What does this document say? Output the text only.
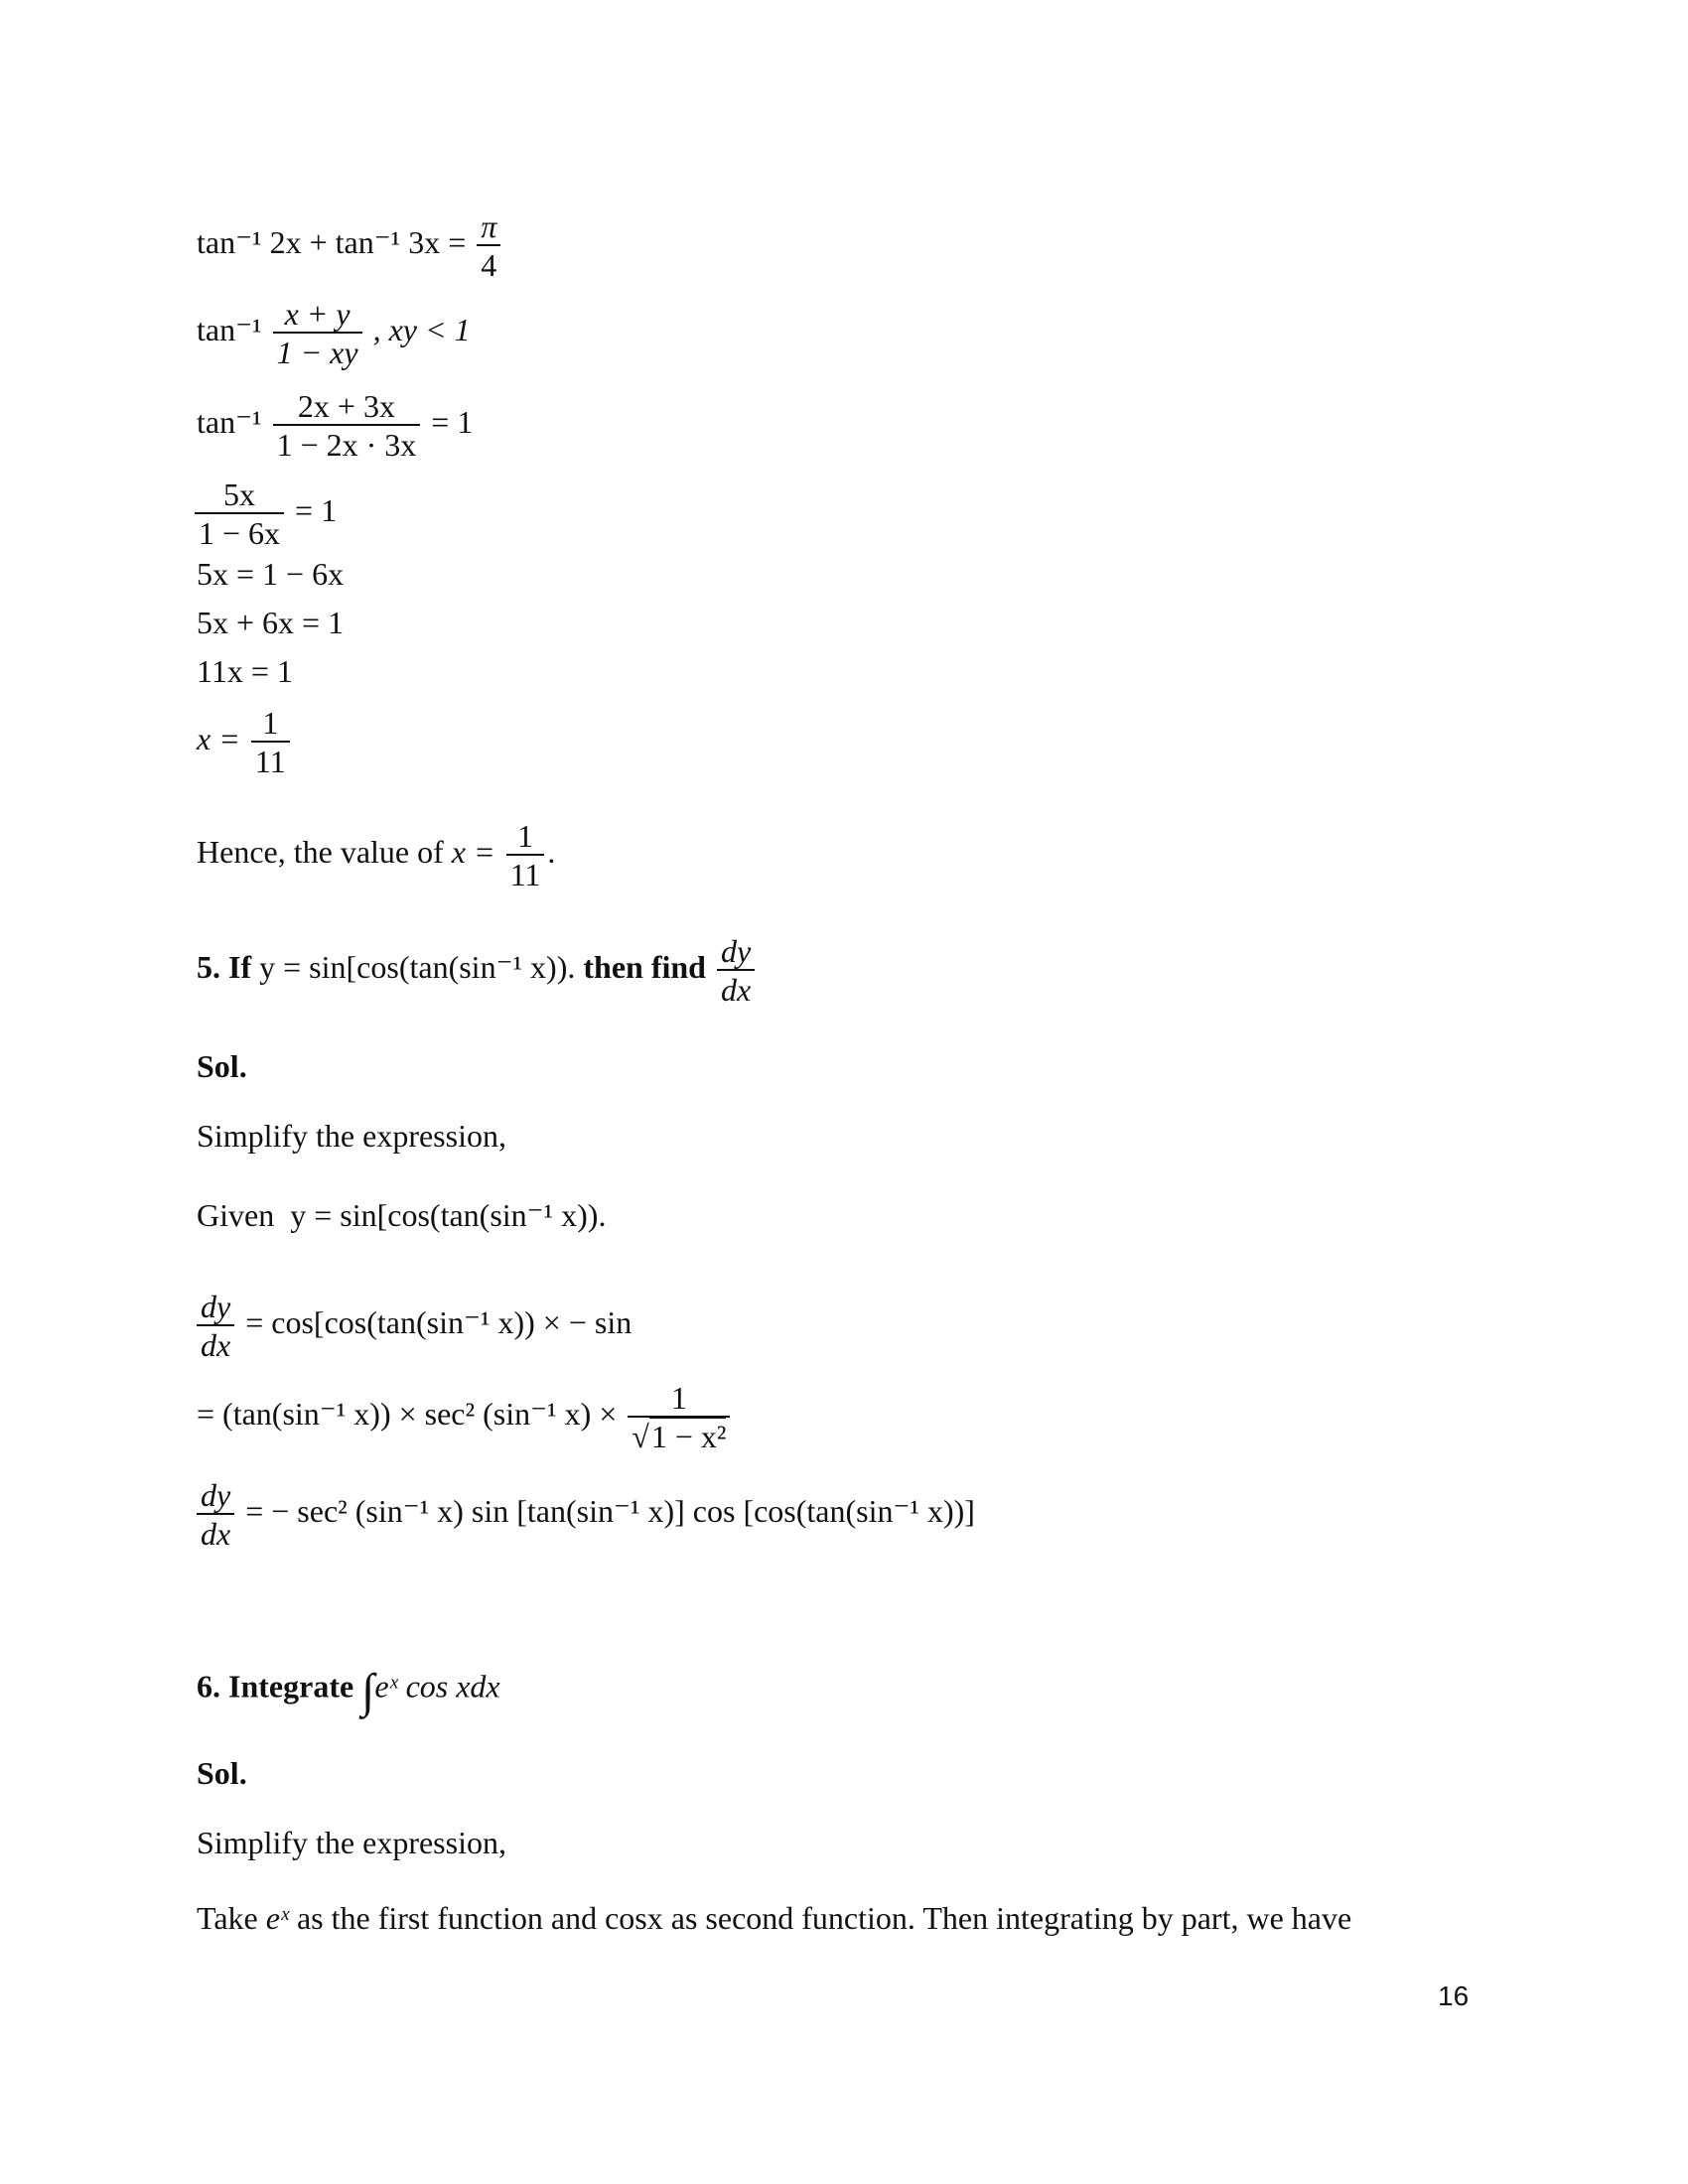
tan⁻¹ 2x + tan⁻¹ $3x = \frac{\pi}{4}$
$\tan^{-1} \frac{x + y}{1 - xy}$ , xy < 1
$\tan^{-1} \frac{2x + 3x}{1 - 2x \cdot 3x} = 1$
$\frac{5x}{1 - 6x} = 1$
5x = 1 − 6x
5x + 6x = 1
11x = 1
$x = \frac{1}{11}$
Hence, the value of $x = \frac{1}{11}$ .
5. If y = sin[cos(tan(sin⁻¹ x)). then find $\frac{dy}{dx}$
Sol.
Simplify the expression,
Given y = sin[cos(tan(sin⁻¹ x)).
$\frac{dy}{dx} = \cos[\cos(\tan(\sin^{-1}$ x)) × − sin
= (tan(sin⁻¹ x)) × sec² (sin⁻¹ $x) \times \frac{1}{\text{√1 − x²}}$
$\frac{dy}{dx}$ = − sec² (sin⁻¹ x) sin [tan(sin⁻¹ x)] cos [cos(tan(sin⁻¹ x))]
6. Integrate ∫eˣ cos xdx
Sol.
Simplify the expression,
Take eˣ as the first function and cosx as second function. Then integrating by part, we have
16
